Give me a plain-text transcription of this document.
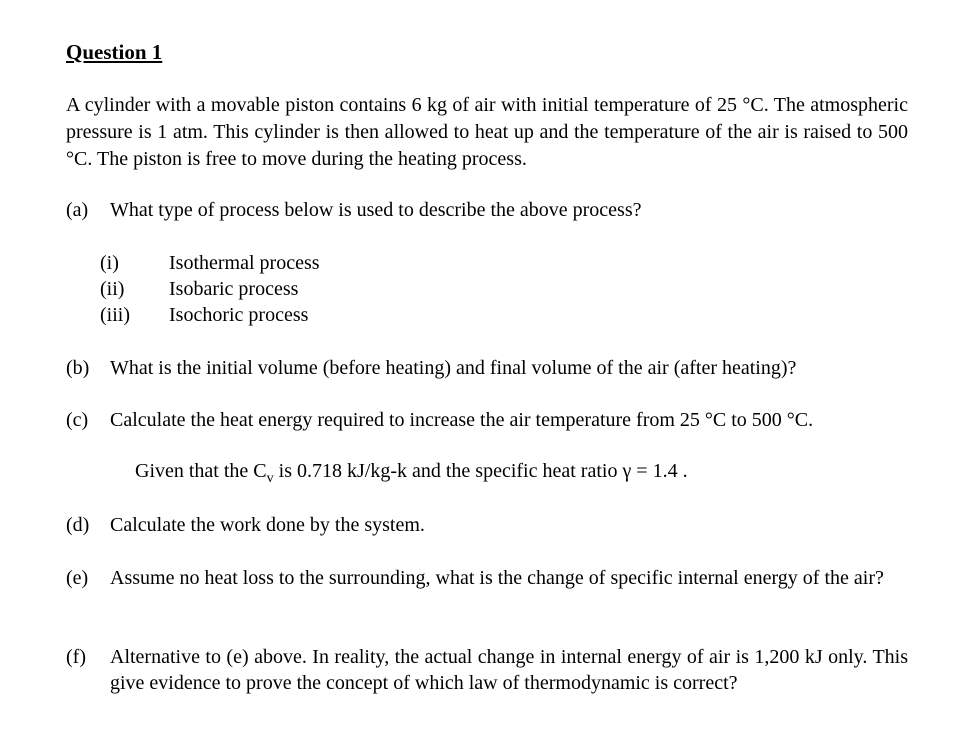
Question 1
A cylinder with a movable piston contains 6 kg of air with initial temperature of 25 °C. The atmospheric pressure is 1 atm. This cylinder is then allowed to heat up and the temperature of the air is raised to 500 °C. The piston is free to move during the heating process.
(a) What type of process below is used to describe the above process?
(i)	Isothermal process
(ii) Isobaric process
(iii) Isochoric process
(b) What is the initial volume (before heating) and final volume of the air (after heating)?
(c) Calculate the heat energy required to increase the air temperature from 25 °C to 500 °C.
Given that the $C_v$ is 0.718 kJ/kg-k and the specific heat ratio γ = 1.4 .
(d) Calculate the work done by the system.
(e) Assume no heat loss to the surrounding, what is the change of specific internal energy of the air?
(f) Alternative to (e) above. In reality, the actual change in internal energy of air is 1,200 kJ only. This give evidence to prove the concept of which law of thermodynamic is correct?
